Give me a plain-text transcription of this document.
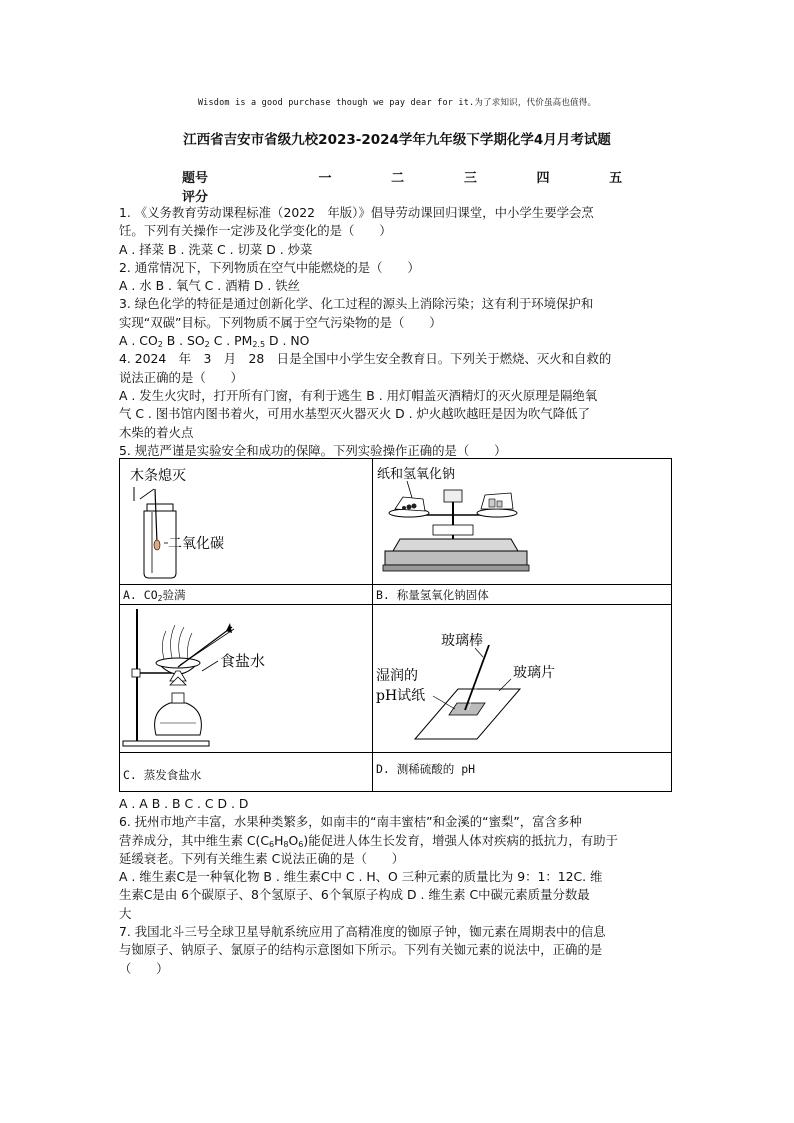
Wisdom is a good purchase though we pay dear for it.为了求知识，代价虽高也值得。
江西省吉安市省级九校2023-2024学年九年级下学期化学4月月考试题
题号	一	二	三	四	五
评分

1. 《义务教育劳动课程标准（2022　年版）》倡导劳动课回归课堂，中小学生要学会烹

饪。下列有关操作一定涉及化学变化的是（　　）

A . 择菜 B . 洗菜 C . 切菜 D . 炒菜

2. 通常情况下，下列物质在空气中能燃烧的是（　　）

A . 水 B . 氧气 C . 酒精 D . 铁丝

3. 绿色化学的特征是通过创新化学、化工过程的源头上消除污染；这有利于环境保护和

实现“双碳”目标。下列物质不属于空气污染物的是（　　）

A . $CO_2$ B . $SO_2$ C . $PM_{2.5}$ D . NO

4. 2024　年　3　月　28　日是全国中小学生安全教育日。下列关于燃烧、灭火和自救的

说法正确的是（　　）

A . 发生火灾时，打开所有门窗，有利于逃生 B . 用灯帽盖灭酒精灯的灭火原理是隔绝氧

气 C . 图书馆内图书着火，可用水基型灭火器灭火 D . 炉火越吹越旺是因为吹气降低了

木柴的着火点

5. 规范严谨是实验安全和成功的保障。下列实验操作正确的是（　　）

木条熄灭
二氧化碳
A. $CO_2$验满
纸和氢氧化钠
B. 称量氢氧化钠固体
食盐水
C. 蒸发食盐水
玻璃棒
玻璃片
湿润的
pH试纸
D. 测稀硫酸的 pH

A . A B . B C . C D . D

6. 抚州市地产丰富，水果种类繁多，如南丰的“南丰蜜桔”和金溪的“蜜梨”，富含多种

营养成分，其中维生素 $C(C_6H_8O_6)$能促进人体生长发育，增强人体对疾病的抵抗力，有助于

延缓衰老。下列有关维生素 C说法正确的是（　　）

A . 维生素C是一种氧化物 B . 维生素C中 C . H、O 三种元素的质量比为 9：1：12C. 维

生素C是由 6个碳原子、8个氢原子、6个氧原子构成 D . 维生素 C中碳元素质量分数最

大

7. 我国北斗三号全球卫星导航系统应用了高精准度的铷原子钟，铷元素在周期表中的信息

与铷原子、钠原子、氯原子的结构示意图如下所示。下列有关铷元素的说法中，正确的是

（　　）
